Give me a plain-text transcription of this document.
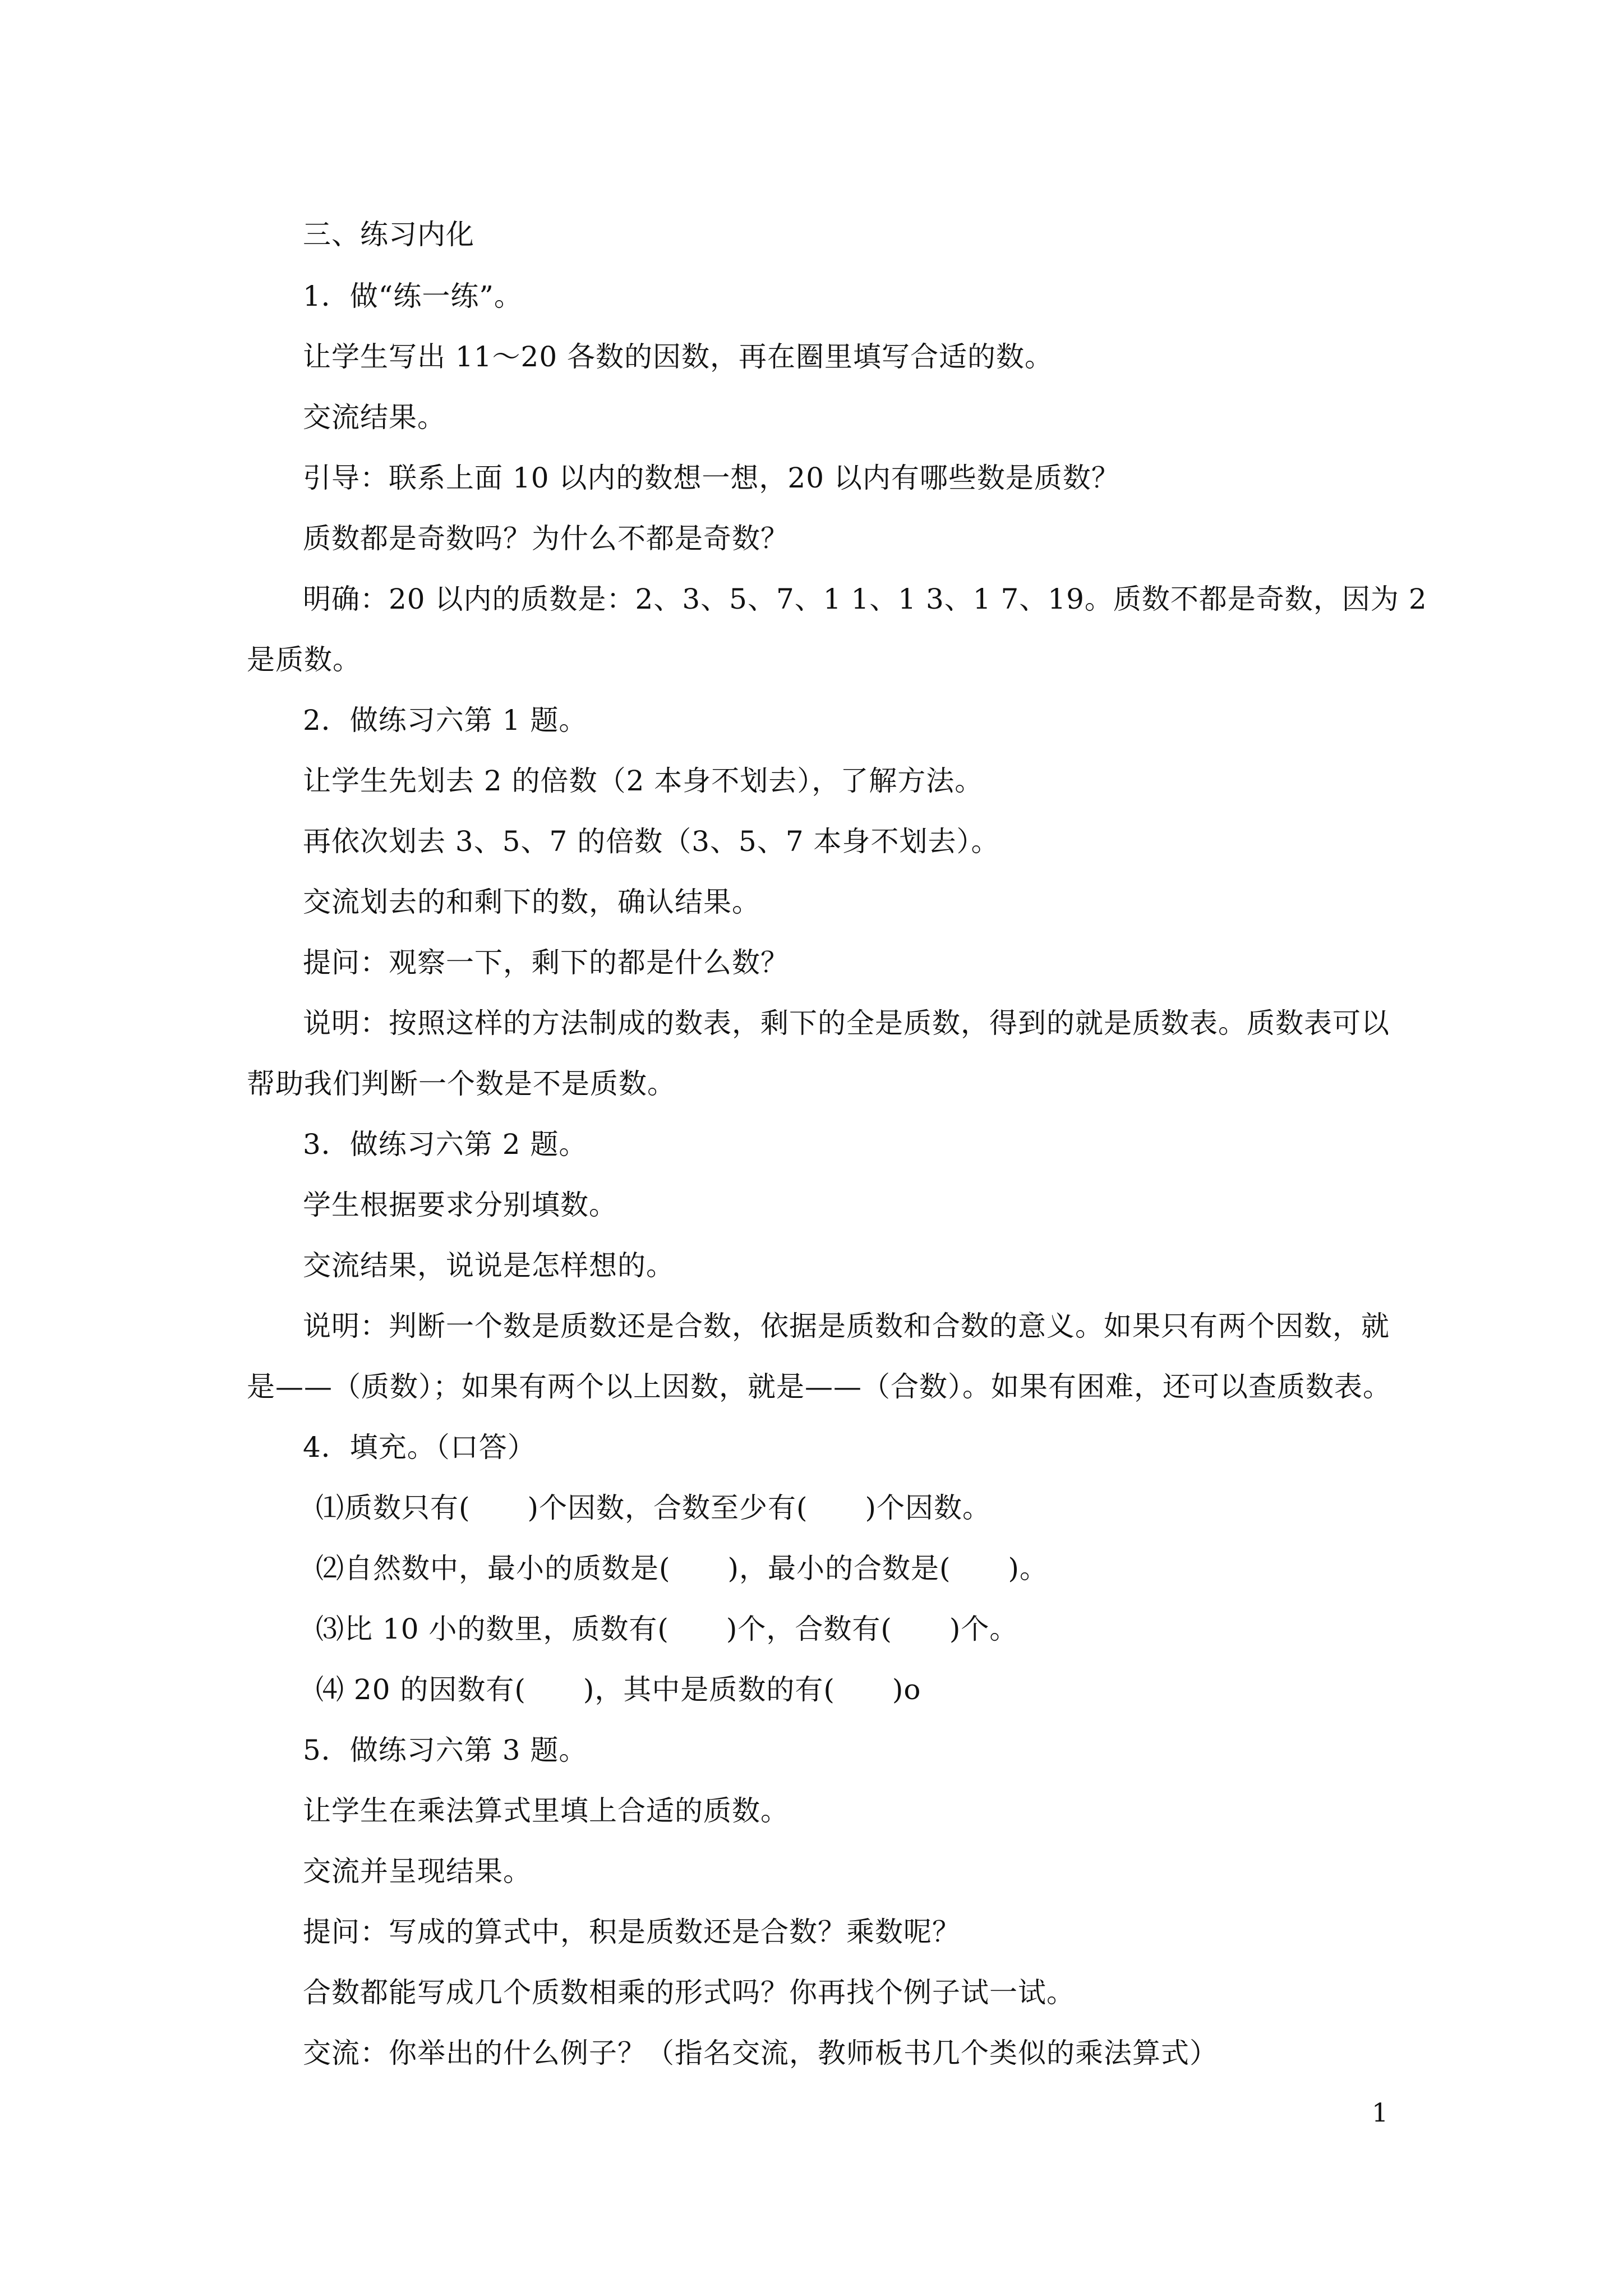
三、练习内化
1．做“练一练”。
让学生写出 11～20 各数的因数，再在圈里填写合适的数。
交流结果。
引导：联系上面 10 以内的数想一想，20 以内有哪些数是质数？
质数都是奇数吗？为什么不都是奇数？
明确：20 以内的质数是：2、3、5、7、1 1、1 3、1 7、19。质数不都是奇数，因为 2
是质数。
2．做练习六第 1 题。
让学生先划去 2 的倍数（2 本身不划去），了解方法。
再依次划去 3、5、7 的倍数（3、5、7 本身不划去）。
交流划去的和剩下的数，确认结果。
提问：观察一下，剩下的都是什么数？
说明：按照这样的方法制成的数表，剩下的全是质数，得到的就是质数表。质数表可以
帮助我们判断一个数是不是质数。
3．做练习六第 2 题。
学生根据要求分别填数。
交流结果，说说是怎样想的。
说明：判断一个数是质数还是合数，依据是质数和合数的意义。如果只有两个因数，就
是——（质数）；如果有两个以上因数，就是——（合数）。如果有困难，还可以查质数表。
4．填充。（口答）
⑴质数只有(　　)个因数，合数至少有(　　)个因数。
⑵自然数中，最小的质数是(　　)，最小的合数是(　　)。
⑶比 10 小的数里，质数有(　　)个，合数有(　　)个。
⑷ 20 的因数有(　　)，其中是质数的有(　　)o
5．做练习六第 3 题。
让学生在乘法算式里填上合适的质数。
交流并呈现结果。
提问：写成的算式中，积是质数还是合数？乘数呢？
合数都能写成几个质数相乘的形式吗？你再找个例子试一试。
交流：你举出的什么例子？（指名交流，教师板书几个类似的乘法算式）
1
